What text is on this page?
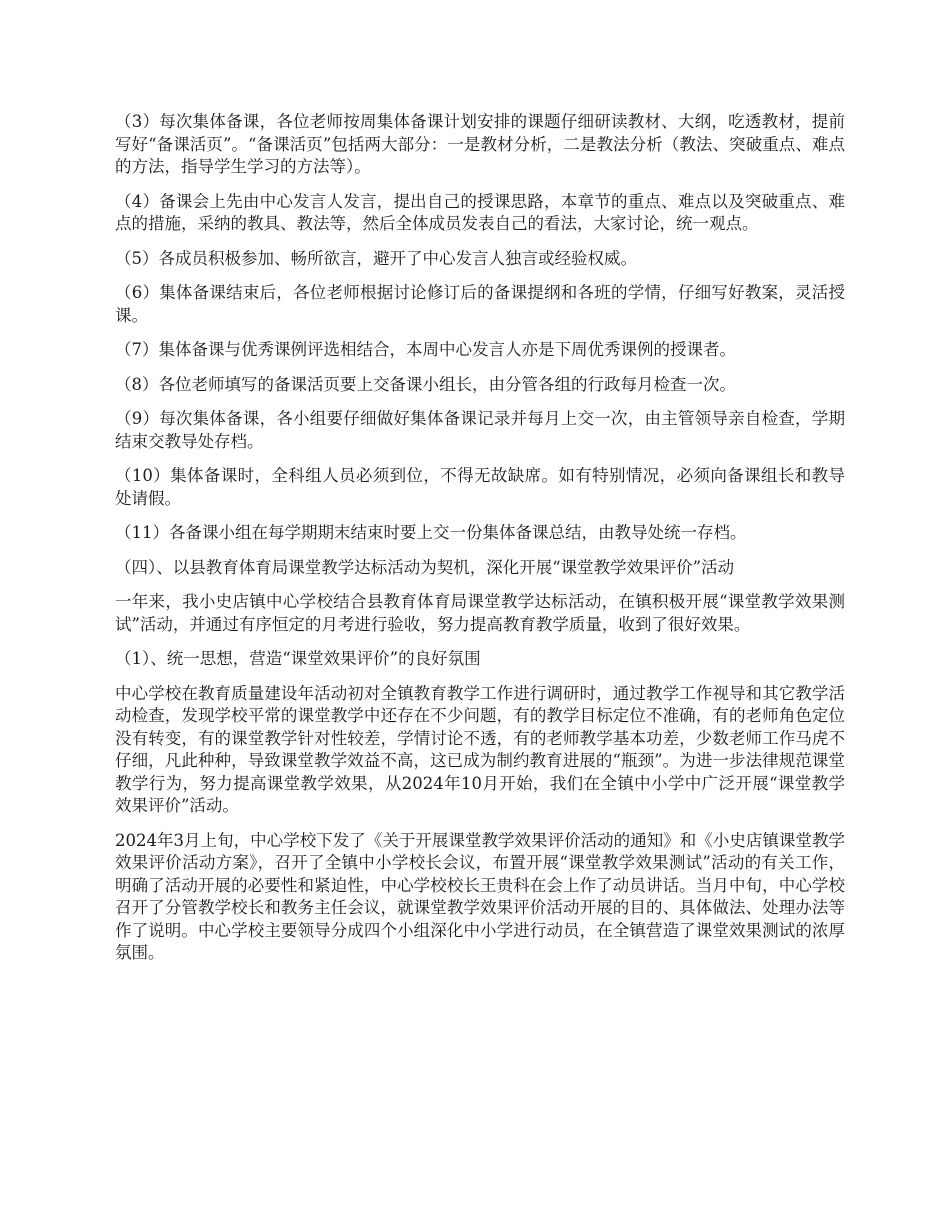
（3）每次集体备课，各位老师按周集体备课计划安排的课题仔细研读教材、大纲，吃透教材，提前写好“备课活页”。“备课活页”包括两大部分：一是教材分析，二是教法分析（教法、突破重点、难点的方法，指导学生学习的方法等）。

（4）备课会上先由中心发言人发言，提出自己的授课思路，本章节的重点、难点以及突破重点、难点的措施，采纳的教具、教法等，然后全体成员发表自己的看法，大家讨论，统一观点。

（5）各成员积极参加、畅所欲言，避开了中心发言人独言或经验权威。

（6）集体备课结束后，各位老师根据讨论修订后的备课提纲和各班的学情，仔细写好教案，灵活授课。

（7）集体备课与优秀课例评选相结合，本周中心发言人亦是下周优秀课例的授课者。

（8）各位老师填写的备课活页要上交备课小组长，由分管各组的行政每月检查一次。

（9）每次集体备课，各小组要仔细做好集体备课记录并每月上交一次，由主管领导亲自检查，学期结束交教导处存档。

（10）集体备课时，全科组人员必须到位，不得无故缺席。如有特别情况，必须向备课组长和教导处请假。

（11）各备课小组在每学期期末结束时要上交一份集体备课总结，由教导处统一存档。

（四）、以县教育体育局课堂教学达标活动为契机，深化开展“课堂教学效果评价”活动

一年来，我小史店镇中心学校结合县教育体育局课堂教学达标活动，在镇积极开展“课堂教学效果测试”活动，并通过有序恒定的月考进行验收，努力提高教育教学质量，收到了很好效果。

（1）、统一思想，营造“课堂效果评价”的良好氛围

中心学校在教育质量建设年活动初对全镇教育教学工作进行调研时，通过教学工作视导和其它教学活动检查，发现学校平常的课堂教学中还存在不少问题，有的教学目标定位不准确，有的老师角色定位没有转变，有的课堂教学针对性较差，学情讨论不透，有的老师教学基本功差，少数老师工作马虎不仔细，凡此种种，导致课堂教学效益不高，这已成为制约教育进展的“瓶颈”。为进一步法律规范课堂教学行为，努力提高课堂教学效果，从2024年10月开始，我们在全镇中小学中广泛开展“课堂教学效果评价”活动。

2024年3月上旬，中心学校下发了《关于开展课堂教学效果评价活动的通知》和《小史店镇课堂教学效果评价活动方案》，召开了全镇中小学校长会议，布置开展“课堂教学效果测试”活动的有关工作，明确了活动开展的必要性和紧迫性，中心学校校长王贵科在会上作了动员讲话。当月中旬，中心学校召开了分管教学校长和教务主任会议，就课堂教学效果评价活动开展的目的、具体做法、处理办法等作了说明。中心学校主要领导分成四个小组深化中小学进行动员，在全镇营造了课堂效果测试的浓厚氛围。
